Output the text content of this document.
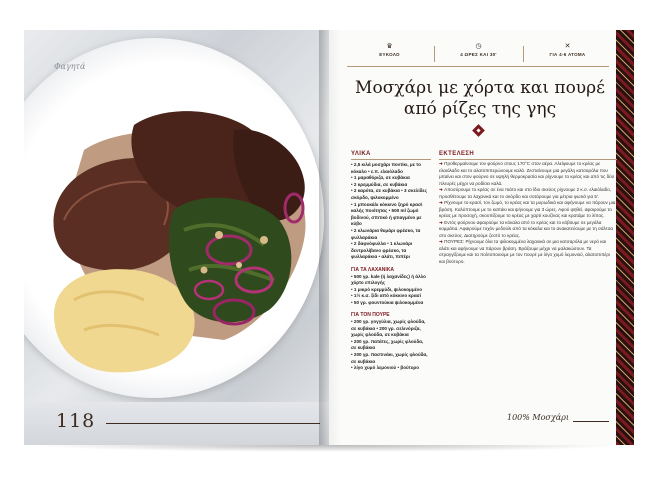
Φαγητά
118
♛
ΕΥΚΟΛΟ
◷
4 ΩΡΕΣ ΚΑΙ 30'
✕
ΓΙΑ 4-6 ΑΤΟΜΑ
Μοσχάρι με χόρτα και πουρέ
από ρίζες της γης
ΥΛΙΚΑ	ΕΚΤΕΛΕΣΗ

• 2,5 κιλά μοσχάρι ποντίκι, με το κόκαλο • ε.π. ελαιόλαδο

• 1 μαραθόριζα, σε κυβάκια

• 2 κρεμμύδια, σε κυβάκια

• 2 καρότα, σε κυβάκια • 3 σκελίδες σκόρδο, ψιλοκομμένο

• 1 μπουκάλι κόκκινο ξηρό κρασί καλής ποιότητας • 500 ml ζωμό βοδινού, σπιτικό ή φτιαγμένο με κύβο

• 2 κλωνάρια θυμάρι φρέσκο, τα φυλλαράκια

• 2 δαφνόφυλλα • 1 κλωνάρι δεντρολίβανο φρέσκο, τα φυλλαράκια • αλάτι, πιπέρι

ΓΙΑ ΤΑ ΛΑΧΑΝΙΚΑ

• 500 γρ. kale (ή λαχανίδες) ή άλλο χόρτο επιλογής

• 1 μικρό κρεμμύδι, ψιλοκομμένο

• 1½ κ.σ. ξίδι από κόκκινο κρασί

• 50 γρ. φουντούκια ψιλοκομμένα

ΓΙΑ ΤΟΝ ΠΟΥΡΕ

• 200 γρ. γογγύλια, χωρίς φλούδα, σε κυβάκια • 200 γρ. σελινόριζα, χωρίς φλούδα, σε κυβάκια

• 200 γρ. πατάτες, χωρίς φλούδα, σε κυβάκια

• 200 γρ. παστινάκι, χωρίς φλούδα, σε κυβάκια

• λίγο χυμό λεμονιού • βούτυρο

➜ Προθερμαίνουμε τον φούρνο στους 170°C στον αέρα. Αλείφουμε το κρέας με ελαιόλαδο και το αλατοπιπερώνουμε καλά. Ζεσταίνουμε μια μεγάλη κατσαρόλα που μπαίνει και στον φούρνο σε υψηλή θερμοκρασία και ρίχνουμε το κρέας και από τις δύο πλευρές μέχρι να ροδίσει καλά.

➜ Αποσύρουμε το κρέας σε ένα πιάτο και στο ίδιο σκεύος ρίχνουμε 2 κ.σ. ελαιόλαδο, προσθέτουμε τα λαχανικά και το σκόρδο και σοτάρουμε για μέτρια φωτιά για 5'.

➜ Ρίχνουμε το κρασί, τον ζωμό, το κρέας και τα μυρωδικά και αφήνουμε να πάρουν μια βράση. Καλύπτουμε με το καπάκι και ψήνουμε για 3 ώρες. Αφού ψηθεί, αφαιρούμε το κρέας με προσοχή, σκουπίζουμε το κρέας με χαρτί κουζίνας και κρατάμε το λίπος.

➜ Εντός φούρνου αφαιρούμε τα κόκαλα από το κρέας και το κόβουμε σε μεγάλα κομμάτια. Αφαιρούμε τυχόν μεδούλι από τα κόκαλα και το ανακατεύουμε με τη σάλτσα στο σκεύος. Διατηρούμε ζεστό το κρέας.

➜ ΠΟΥΡΕΣ: Ρίχνουμε όλα τα ψιλοκομμένα λαχανικά σε μια κατσαρόλα με νερό και αλάτι και αφήνουμε να πάρουν βράση. Βράζουμε μέχρι να μαλακώσουν. Τα στραγγίζουμε και τα πολτοποιούμε με τον πουρέ με λίγο χυμό λεμονιού, αλατοπιπέρι και βούτυρο.

100% Μοσχάρι
